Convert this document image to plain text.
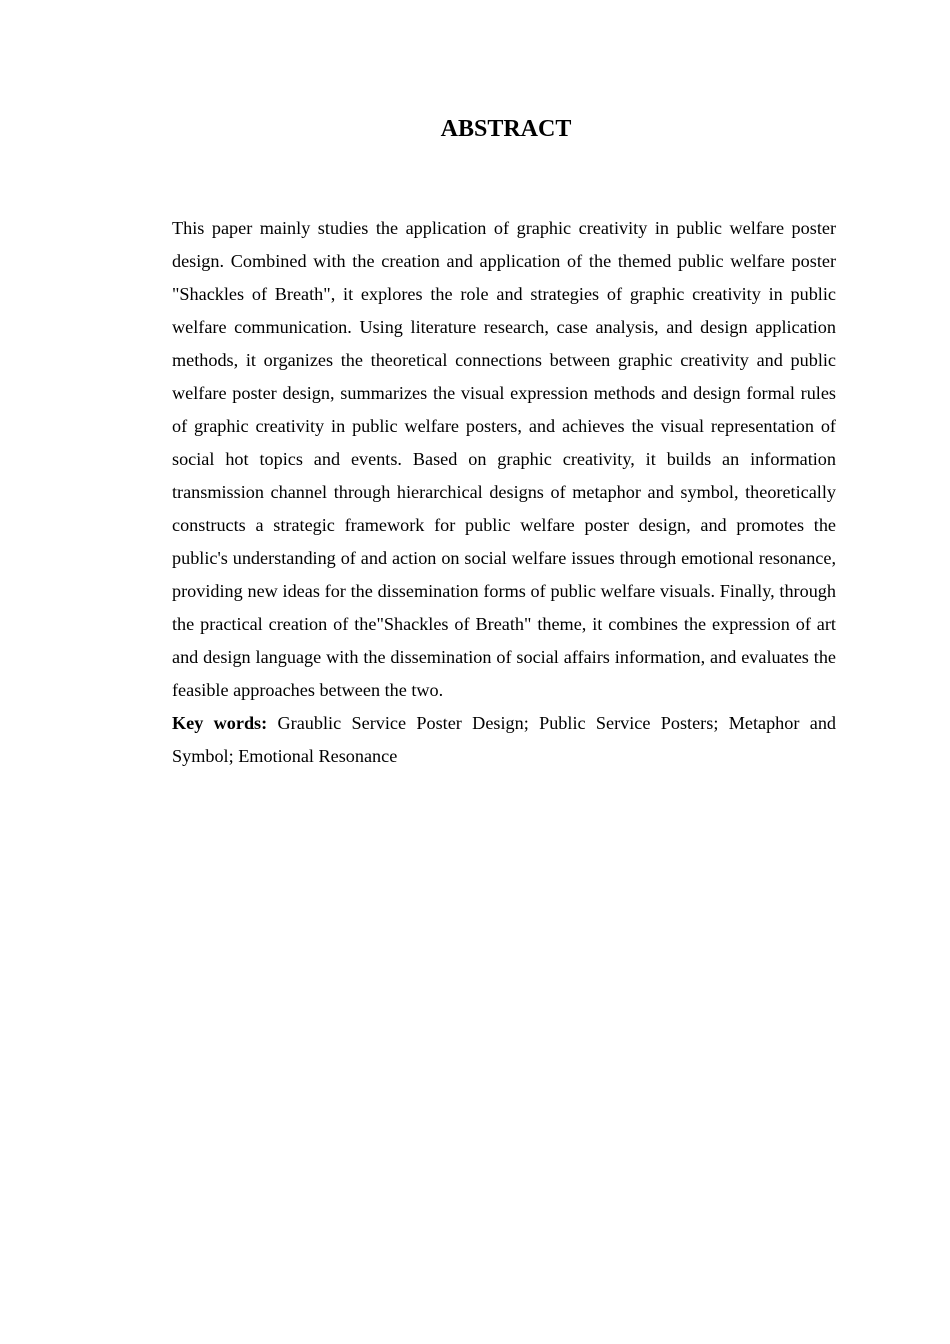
ABSTRACT

This paper mainly studies the application of graphic creativity in public welfare poster design. Combined with the creation and application of the themed public welfare poster "Shackles of Breath", it explores the role and strategies of graphic creativity in public welfare communication. Using literature research, case analysis, and design application methods, it organizes the theoretical connections between graphic creativity and public welfare poster design, summarizes the visual expression methods and design formal rules of graphic creativity in public welfare posters, and achieves the visual representation of social hot topics and events. Based on graphic creativity, it builds an information transmission channel through hierarchical designs of metaphor and symbol, theoretically constructs a strategic framework for public welfare poster design, and promotes the public's understanding of and action on social welfare issues through emotional resonance, providing new ideas for the dissemination forms of public welfare visuals. Finally, through the practical creation of the"Shackles of Breath" theme, it combines the expression of art and design language with the dissemination of social affairs information, and evaluates the feasible approaches between the two.

Key words: Graublic Service Poster Design; Public Service Posters; Metaphor and Symbol; Emotional Resonance
